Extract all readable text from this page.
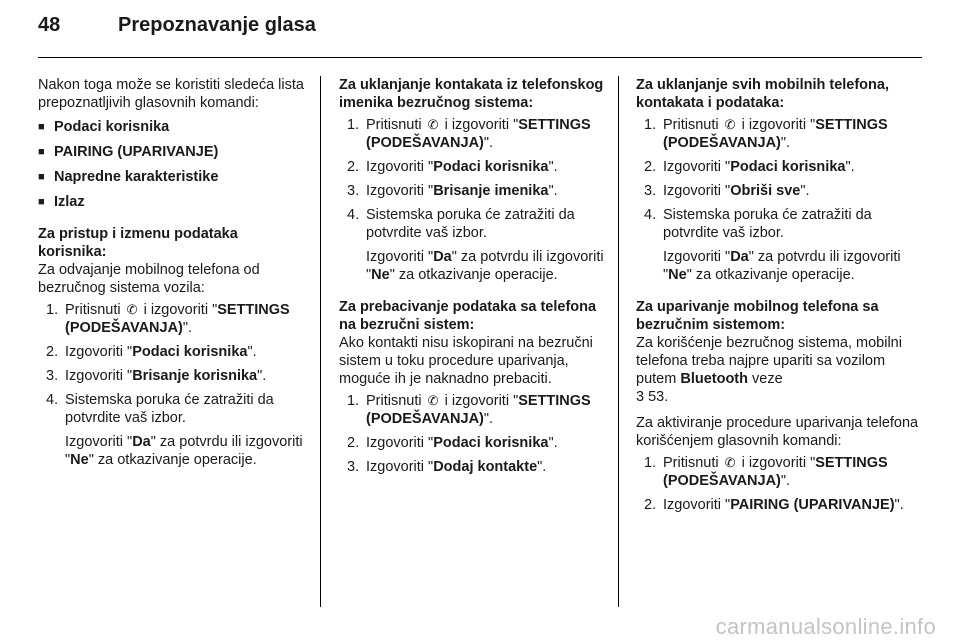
48	Prepoznavanje glasa

Nakon toga može se koristiti sledeća lista prepoznatljivih glasovnih komandi:

■ Podaci korisnika
■ PAIRING (UPARIVANJE)
■ Napredne karakteristike
■ Izlaz

Za pristup i izmenu podataka korisnika:

Za odvajanje mobilnog telefona od bezručnog sistema vozila:

1. Pritisnuti ✆ i izgovoriti "SETTINGS (PODEŠAVANJA)".
2. Izgovoriti "Podaci korisnika".
3. Izgovoriti "Brisanje korisnika".
4. Sistemska poruka će zatražiti da potvrdite vaš izbor.

Izgovoriti "Da" za potvrdu ili izgovoriti "Ne" za otkazivanje operacije.

Za uklanjanje kontakata iz telefonskog imenika bezručnog sistema:

1. Pritisnuti ✆ i izgovoriti "SETTINGS (PODEŠAVANJA)".
2. Izgovoriti "Podaci korisnika".
3. Izgovoriti "Brisanje imenika".
4. Sistemska poruka će zatražiti da potvrdite vaš izbor.

Izgovoriti "Da" za potvrdu ili izgovoriti "Ne" za otkazivanje operacije.

Za prebacivanje podataka sa telefona na bezručni sistem:

Ako kontakti nisu iskopirani na bezručni sistem u toku procedure uparivanja, moguće ih je naknadno prebaciti.

1. Pritisnuti ✆ i izgovoriti "SETTINGS (PODEŠAVANJA)".
2. Izgovoriti "Podaci korisnika".
3. Izgovoriti "Dodaj kontakte".

Za uklanjanje svih mobilnih telefona, kontakata i podataka:

1. Pritisnuti ✆ i izgovoriti "SETTINGS (PODEŠAVANJA)".
2. Izgovoriti "Podaci korisnika".
3. Izgovoriti "Obriši sve".
4. Sistemska poruka će zatražiti da potvrdite vaš izbor.

Izgovoriti "Da" za potvrdu ili izgovoriti "Ne" za otkazivanje operacije.

Za uparivanje mobilnog telefona sa bezručnim sistemom:

Za korišćenje bezručnog sistema, mobilni telefona treba najpre upariti sa vozilom putem Bluetooth veze
3 53.

Za aktiviranje procedure uparivanja telefona korišćenjem glasovnih komandi:

1. Pritisnuti ✆ i izgovoriti "SETTINGS (PODEŠAVANJA)".
2. Izgovoriti "PAIRING (UPARIVANJE)".
carmanualsonline.info
